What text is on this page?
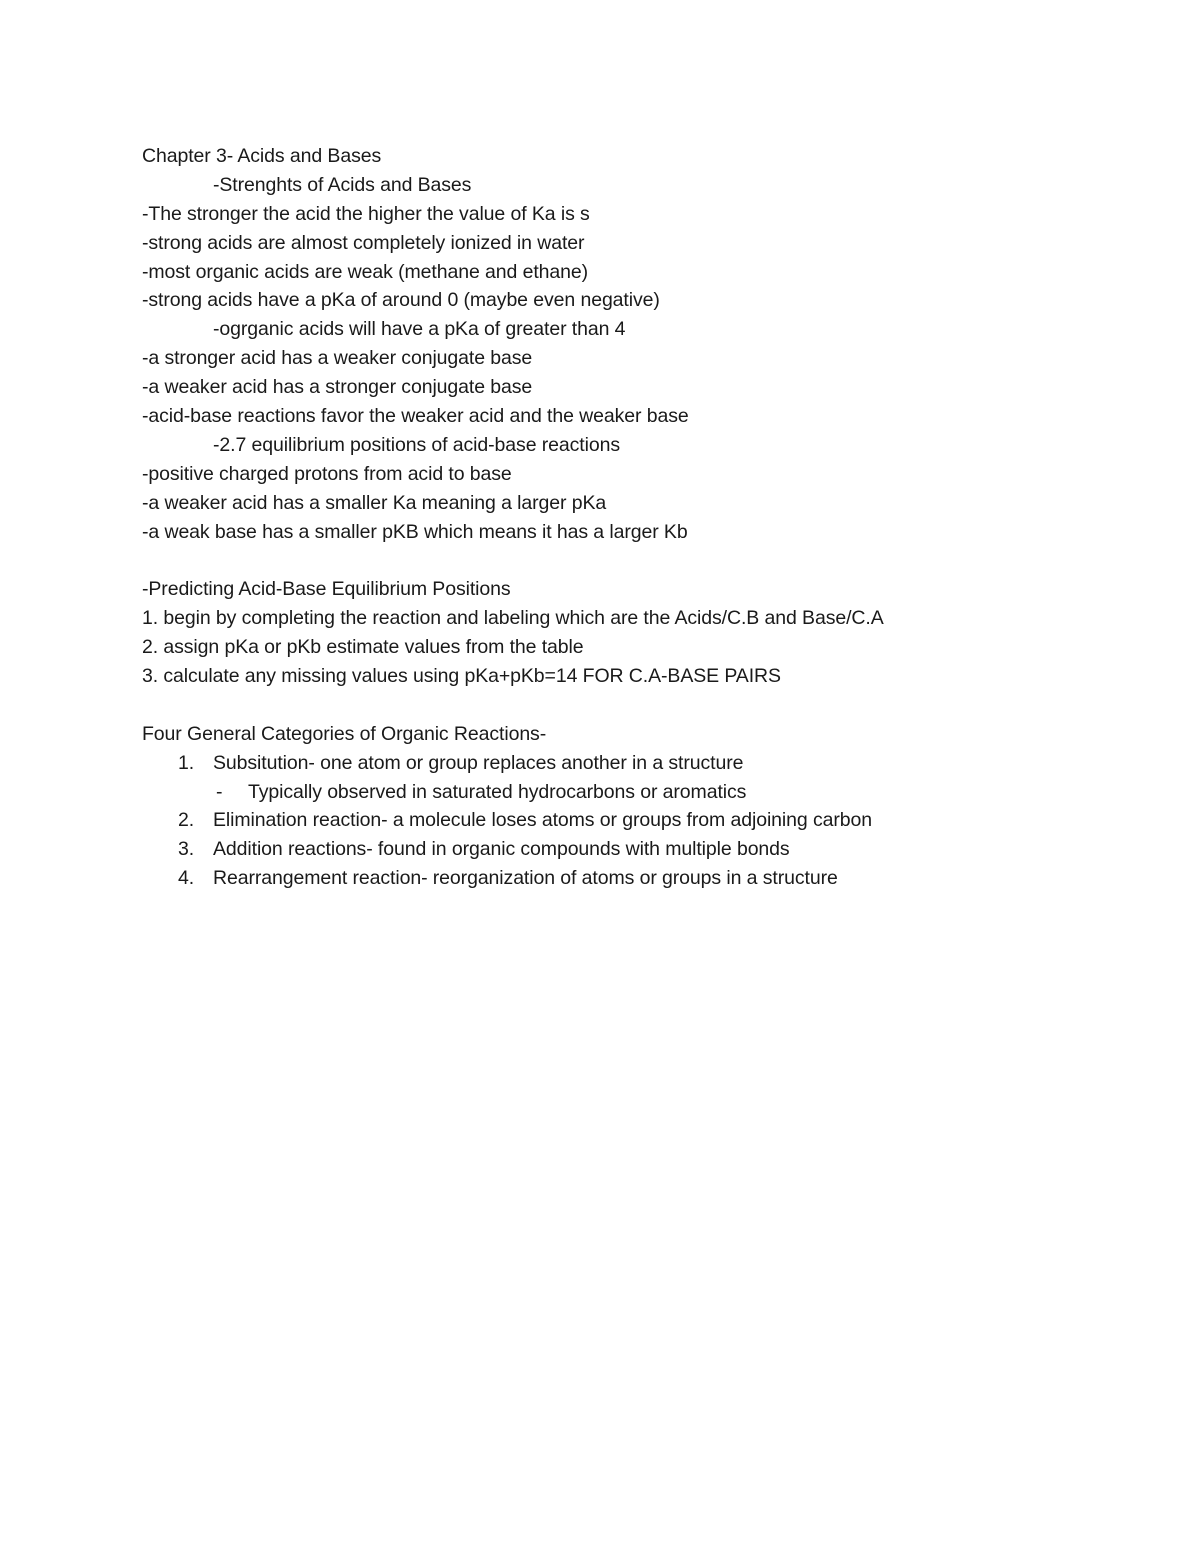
Chapter 3- Acids and Bases
-Strenghts of Acids and Bases
-The stronger the acid the higher the value of Ka is s
-strong acids are almost completely ionized in water
-most organic acids are weak (methane and ethane)
-strong acids have a pKa of around 0 (maybe even negative)
-ogrganic acids will have a pKa of greater than 4
-a stronger acid has a weaker conjugate base
-a weaker acid has a stronger conjugate base
-acid-base reactions favor the weaker acid and the weaker base
-2.7 equilibrium positions of acid-base reactions
-positive charged protons from acid to base
-a weaker acid has a smaller Ka meaning a larger pKa
-a weak base has a smaller pKB which means it has a larger Kb
-Predicting Acid-Base Equilibrium Positions
1. begin by completing the reaction and labeling which are the Acids/C.B and Base/C.A
2. assign pKa or pKb estimate values from the table
3. calculate any missing values using pKa+pKb=14 FOR C.A-BASE PAIRS
Four General Categories of Organic Reactions-
1. Subsitution- one atom or group replaces another in a structure
- Typically observed in saturated hydrocarbons or aromatics
2. Elimination reaction- a molecule loses atoms or groups from adjoining carbon
3. Addition reactions- found in organic compounds with multiple bonds
4. Rearrangement reaction- reorganization of atoms or groups in a structure
